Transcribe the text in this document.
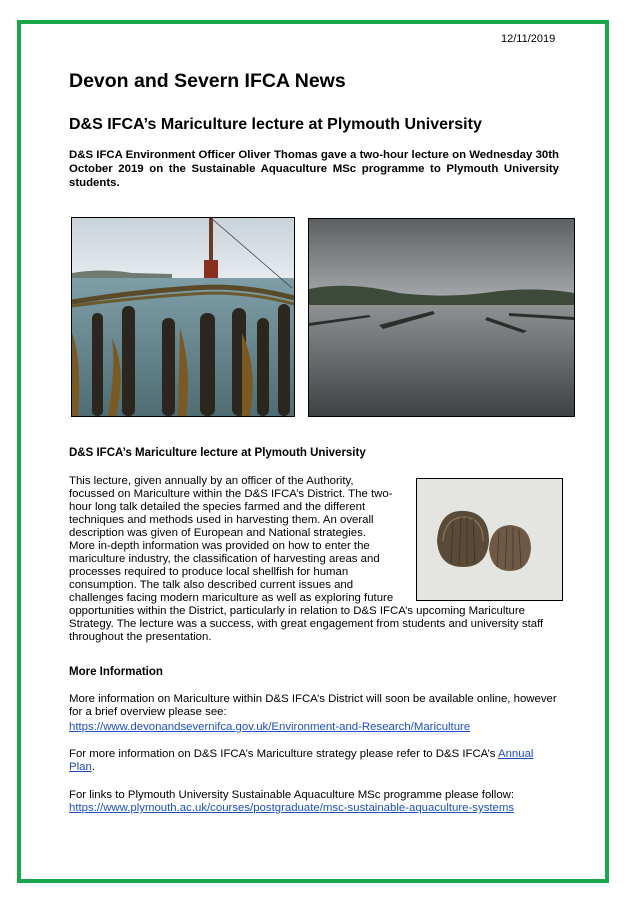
12/11/2019
Devon and Severn IFCA News
D&S IFCA’s Mariculture lecture at Plymouth University

D&S IFCA Environment Officer Oliver Thomas gave a two-hour lecture on Wednesday 30th October 2019 on the Sustainable Aquaculture MSc programme to Plymouth University students.

D&S IFCA’s Mariculture lecture at Plymouth University

This lecture, given annually by an officer of the Authority,

focussed on Mariculture within the D&S IFCA’s District. The two-

hour long talk detailed the species farmed and the different

techniques and methods used in harvesting them. An overall

description was given of European and National strategies.

More in-depth information was provided on how to enter the

mariculture industry, the classification of harvesting areas and

processes required to produce local shellfish for human

consumption. The talk also described current issues and

challenges facing modern mariculture as well as exploring future

opportunities within the District, particularly in relation to D&S IFCA’s upcoming Mariculture

Strategy. The lecture was a success, with great engagement from students and university staff

throughout the presentation.

More Information

More information on Mariculture within D&S IFCA’s District will soon be available online, however for a brief overview please see:

https://www.devonandsevernifca.gov.uk/Environment-and-Research/Mariculture

For more information on D&S IFCA’s Mariculture strategy please refer to D&S IFCA’s Annual
Plan.

For links to Plymouth University Sustainable Aquaculture MSc programme please follow:

https://www.plymouth.ac.uk/courses/postgraduate/msc-sustainable-aquaculture-systems
